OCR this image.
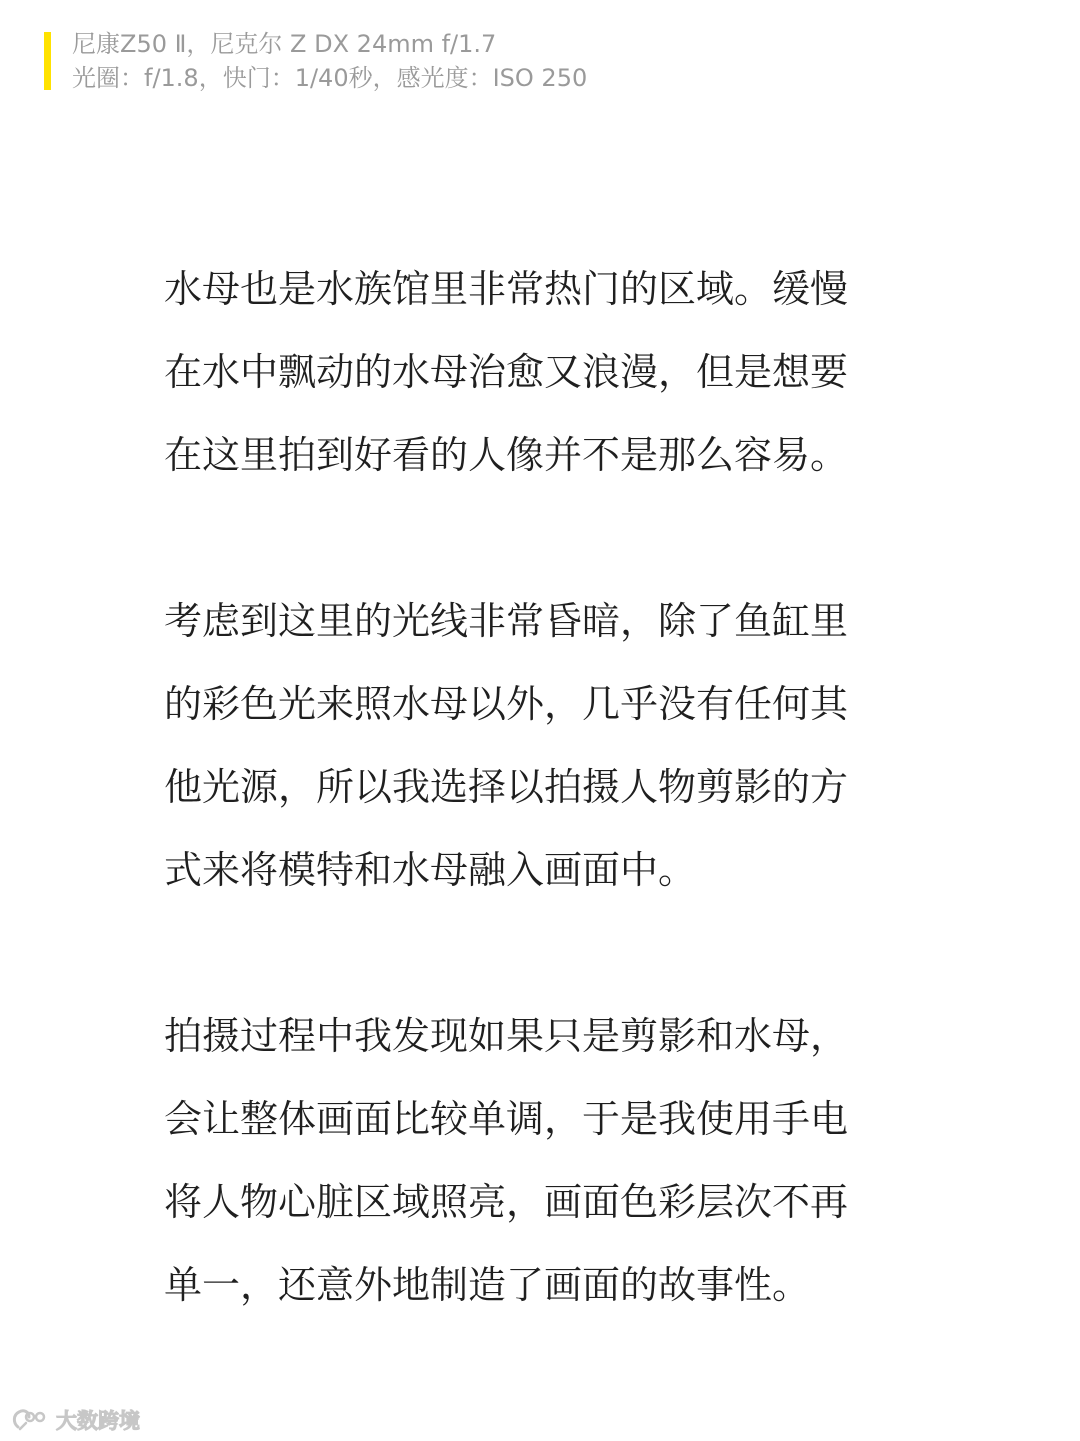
尼康Z50 Ⅱ，尼克尔 Z DX 24mm f/1.7
光圈：f/1.8，快门：1/40秒，感光度：ISO 250

水母也是水族馆里非常热门的区域。缓慢
在水中飘动的水母治愈又浪漫，但是想要
在这里拍到好看的人像并不是那么容易。

考虑到这里的光线非常昏暗，除了鱼缸里
的彩色光来照水母以外，几乎没有任何其
他光源，所以我选择以拍摄人物剪影的方
式来将模特和水母融入画面中。

拍摄过程中我发现如果只是剪影和水母，
会让整体画面比较单调，于是我使用手电
将人物心脏区域照亮，画面色彩层次不再
单一，还意外地制造了画面的故事性。

大数跨境
